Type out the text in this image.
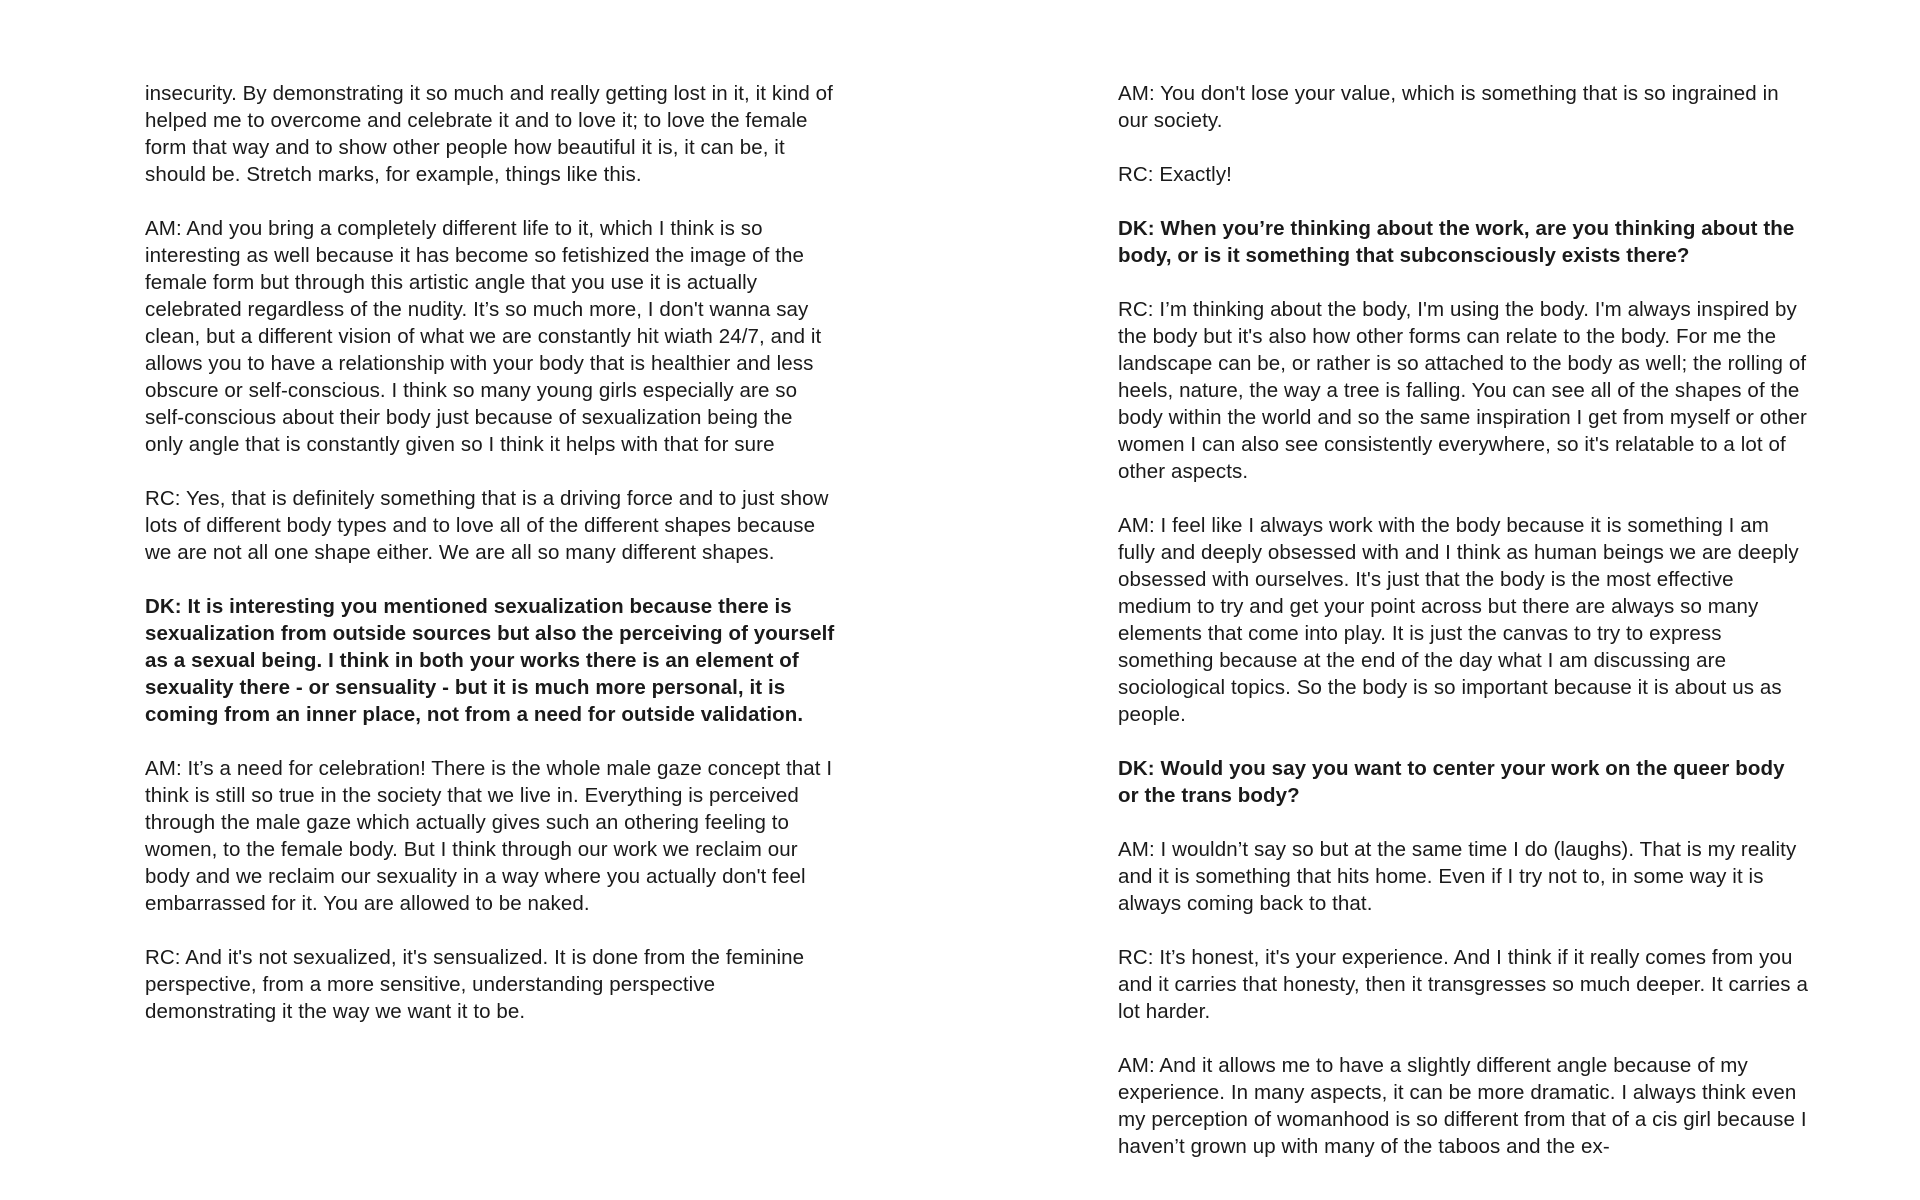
insecurity. By demonstrating it so much and really getting lost in it, it kind of helped me to overcome and celebrate it and to love it; to love the female form that way and to show other people how beautiful it is, it can be, it should be. Stretch marks, for example, things like this.

AM: And you bring a completely different life to it, which I think is so interesting as well because it has become so fetishized the image of the female form but through this artistic angle that you use it is actually celebrated regardless of the nudity. It’s so much more, I don't wanna say clean, but a different vision of what we are constantly hit wiath 24/7, and it allows you to have a relationship with your body that is healthier and less obscure or self-conscious. I think so many young girls especially are so self-conscious about their body just because of sexualization being the only angle that is constantly given so I think it helps with that for sure

RC: Yes, that is definitely something that is a driving force and to just show lots of different body types and to love all of the different shapes because we are not all one shape either. We are all so many different shapes.

DK: It is interesting you mentioned sexualization because there is sexualization from outside sources but also the perceiving of yourself as a sexual being. I think in both your works there is an element of sexuality there - or sensuality - but it is much more personal, it is coming from an inner place, not from a need for outside validation.

AM: It’s a need for celebration! There is the whole male gaze concept that I think is still so true in the society that we live in. Everything is perceived through the male gaze which actually gives such an othering feeling to women, to the female body. But I think through our work we reclaim our body and we reclaim our sexuality in a way where you actually don't feel embarrassed for it. You are allowed to be naked.

RC: And it's not sexualized, it's sensualized. It is done from the feminine perspective, from a more sensitive, understanding perspective demonstrating it the way we want it to be.

AM: You don't lose your value, which is something that is so ingrained in our society.

RC: Exactly!

DK: When you’re thinking about the work, are you thinking about the body, or is it something that subconsciously exists there?

RC: I’m thinking about the body, I'm using the body. I'm always inspired by the body but it's also how other forms can relate to the body. For me the landscape can be, or rather is so attached to the body as well; the rolling of heels, nature, the way a tree is falling. You can see all of the shapes of the body within the world and so the same inspiration I get from myself or other women I can also see consistently everywhere, so it's relatable to a lot of other aspects.

AM: I feel like I always work with the body because it is something I am fully and deeply obsessed with and I think as human beings we are deeply obsessed with ourselves. It's just that the body is the most effective medium to try and get your point across but there are always so many elements that come into play. It is just the canvas to try to express something because at the end of the day what I am discussing are sociological topics. So the body is so important because it is about us as people.

DK: Would you say you want to center your work on the queer body or the trans body?

AM: I wouldn’t say so but at the same time I do (laughs). That is my reality and it is something that hits home. Even if I try not to, in some way it is always coming back to that.

RC: It’s honest, it's your experience. And I think if it really comes from you and it carries that honesty, then it transgresses so much deeper. It carries a lot harder.

AM: And it allows me to have a slightly different angle because of my experience. In many aspects, it can be more dramatic. I always think even my perception of womanhood is so different from that of a cis girl because I haven’t grown up with many of the taboos and the ex-
